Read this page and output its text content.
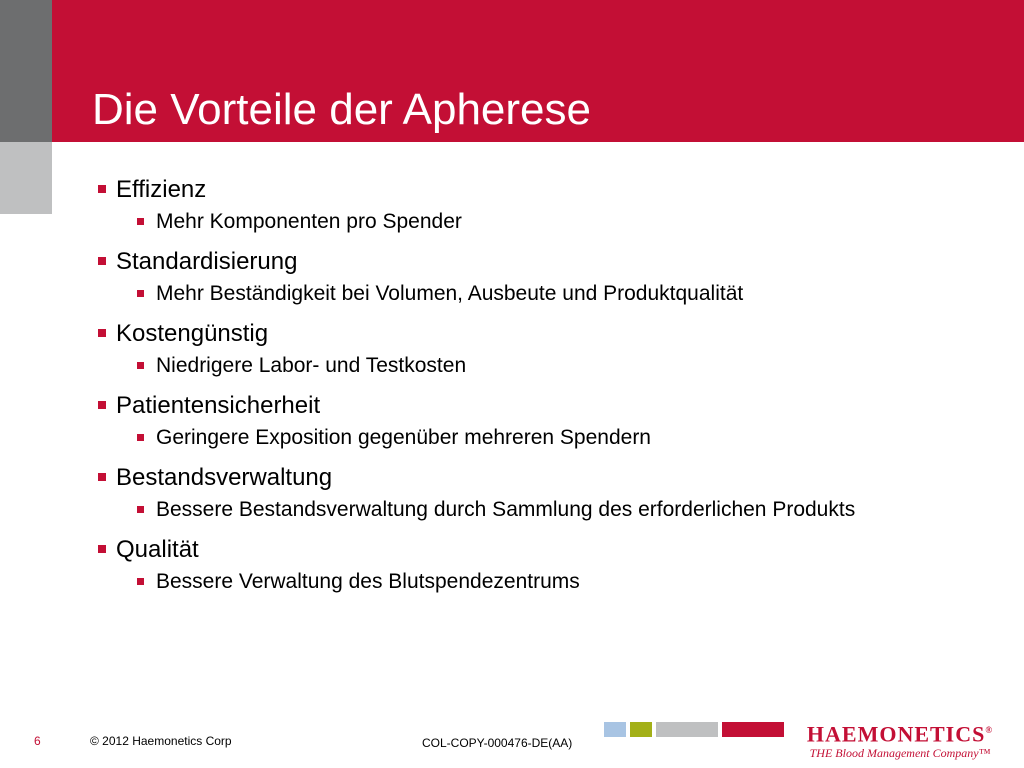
Die Vorteile der Apherese
Effizienz
Mehr Komponenten pro Spender
Standardisierung
Mehr Beständigkeit bei Volumen, Ausbeute und Produktqualität
Kostengünstig
Niedrigere Labor- und Testkosten
Patientensicherheit
Geringere Exposition gegenüber mehreren Spendern
Bestandsverwaltung
Bessere Bestandsverwaltung durch Sammlung des erforderlichen Produkts
Qualität
Bessere Verwaltung des Blutspendezentrums
6	© 2012 Haemonetics Corp	COL-COPY-000476-DE(AA)	HAEMONETICS®
THE Blood Management Company™
